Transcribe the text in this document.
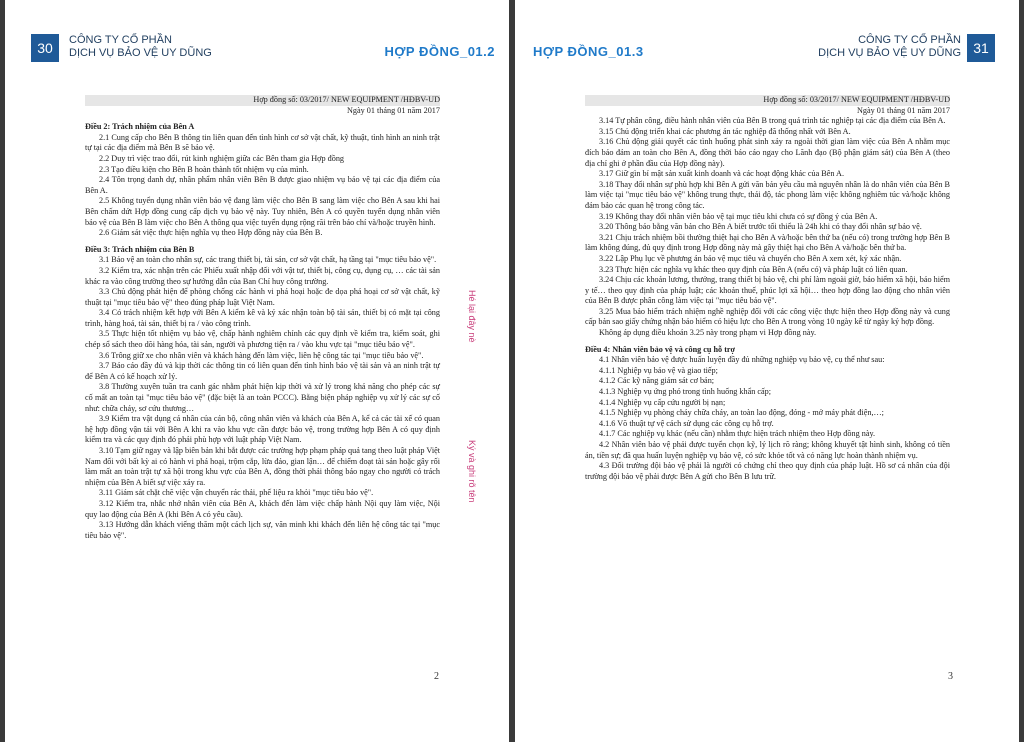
30	CÔNG TY CỔ PHẦN
DỊCH VỤ BẢO VỆ UY DŨNG	HỢP ĐỒNG_01.2
Hợp đồng số: 03/2017/ NEW EQUIPMENT /HĐBV-UD
Ngày 01 tháng 01 năm 2017
Điều 2: Trách nhiệm của Bên A

2.1 Cung cấp cho Bên B thông tin liên quan đến tình hình cơ sở vật chất, kỹ thuật, tình hình an ninh trật tự tại các địa điểm mà Bên B sẽ bảo vệ.

2.2 Duy trì việc trao đổi, rút kinh nghiệm giữa các Bên tham gia Hợp đồng

2.3 Tạo điều kiện cho Bên B hoàn thành tốt nhiệm vụ của mình.

2.4 Tôn trọng danh dự, nhân phẩm nhân viên Bên B được giao nhiệm vụ bảo vệ tại các địa điểm của Bên A.

2.5 Không tuyển dụng nhân viên bảo vệ đang làm việc cho Bên B sang làm việc cho Bên A sau khi hai Bên chấm dứt Hợp đồng cung cấp dịch vụ bảo vệ này. Tuy nhiên, Bên A có quyền tuyển dụng nhân viên bảo vệ của Bên B làm việc cho Bên A thông qua việc tuyển dụng rộng rãi trên báo chí và/hoặc truyền hình.

2.6 Giám sát việc thực hiện nghĩa vụ theo Hợp đồng này của Bên B.

Điều 3: Trách nhiệm của Bên B

3.1 Bảo vệ an toàn cho nhân sự, các trang thiết bị, tài sản, cơ sở vật chất, hạ tầng tại "mục tiêu bảo vệ".

3.2 Kiểm tra, xác nhận trên các Phiếu xuất nhập đối với vật tư, thiết bị, công cụ, dụng cụ, … các tài sản khác ra vào công trường theo sự hướng dẫn của Ban Chỉ huy công trường.

3.3 Chủ động phát hiện để phòng chống các hành vi phá hoại hoặc đe dọa phá hoại cơ sở vật chất, kỹ thuật tại "mục tiêu bảo vệ" theo đúng pháp luật Việt Nam.

3.4 Có trách nhiệm kết hợp với Bên A kiểm kê và ký xác nhận toàn bộ tài sản, thiết bị có mặt tại công trình, hàng hoá, tài sản, thiết bị ra / vào công trình.

3.5 Thực hiện tốt nhiệm vụ bảo vệ, chấp hành nghiêm chỉnh các quy định về kiểm tra, kiểm soát, ghi chép sổ sách theo dõi hàng hóa, tài sản, người và phương tiện ra / vào khu vực tại "mục tiêu bảo vệ".

3.6 Trông giữ xe cho nhân viên và khách hàng đến làm việc, liên hệ công tác tại "mục tiêu bảo vệ".

3.7 Báo cáo đầy đủ và kịp thời các thông tin có liên quan đến tình hình bảo vệ tài sản và an ninh trật tự để Bên A có kế hoạch xử lý.

3.8 Thường xuyên tuần tra canh gác nhằm phát hiện kịp thời và xử lý trong khả năng cho phép các sự cố mất an toàn tại "mục tiêu bảo vệ" (đặc biệt là an toàn PCCC). Bằng biện pháp nghiệp vụ xử lý các sự cố như: chữa cháy, sơ cứu thương…

3.9 Kiểm tra vật dụng cá nhân của cán bộ, công nhân viên và khách của Bên A, kể cả các tài xế có quan hệ hợp đồng vận tải với Bên A khi ra vào khu vực cần được bảo vệ, trong trường hợp Bên A có quy định kiểm tra và các quy định đó phải phù hợp với luật pháp Việt Nam.

3.10 Tạm giữ ngay và lập biên bản khi bắt được các trường hợp phạm pháp quả tang theo luật pháp Việt Nam đối với bất kỳ ai có hành vi phá hoại, trộm cắp, lừa đảo, gian lận… để chiếm đoạt tài sản hoặc gây rối làm mất an toàn trật tự xã hội trong khu vực của Bên A, đồng thời phải thông báo ngay cho người có trách nhiệm của Bên A biết sự việc xảy ra.

3.11 Giám sát chặt chẽ việc vận chuyển rác thải, phế liệu ra khỏi "mục tiêu bảo vệ".

3.12 Kiểm tra, nhắc nhở nhân viên của Bên A, khách đến làm việc chấp hành Nội quy làm việc, Nội quy lao động của Bên A (khi Bên A có yêu cầu).

3.13 Hướng dẫn khách viếng thăm một cách lịch sự, văn minh khi khách đến liên hệ công tác tại "mục tiêu bảo vệ".

Hé lại đây nè
Ký và ghi rõ tên
2
HỢP ĐỒNG_01.3
CÔNG TY CỔ PHẦN
DỊCH VỤ BẢO VỆ UY DŨNG 31
Hợp đồng số: 03/2017/ NEW EQUIPMENT /HĐBV-UD
Ngày 01 tháng 01 năm 2017

3.14 Tự phân công, điều hành nhân viên của Bên B trong quá trình tác nghiệp tại các địa điểm của Bên A.

3.15 Chủ động triển khai các phương án tác nghiệp đã thống nhất với Bên A.

3.16 Chủ động giải quyết các tình huống phát sinh xảy ra ngoài thời gian làm việc của Bên A nhằm mục đích bảo đảm an toàn cho Bên A, đồng thời báo cáo ngay cho Lãnh đạo (Bộ phận giám sát) của Bên A (theo địa chỉ ghi ở phần đầu của Hợp đồng này).

3.17 Giữ gìn bí mật sản xuất kinh doanh và các hoạt động khác của Bên A.

3.18 Thay đổi nhân sự phù hợp khi Bên A gửi văn bản yêu cầu mà nguyên nhân là do nhân viên của Bên B làm việc tại "mục tiêu bảo vệ" không trung thực, thái độ, tác phong làm việc không nghiêm túc và/hoặc không đảm bảo các quan hệ trong công tác.

3.19 Không thay đổi nhân viên bảo vệ tại mục tiêu khi chưa có sự đồng ý của Bên A.

3.20 Thông báo bằng văn bản cho Bên A biết trước tối thiểu là 24h khi có thay đổi nhân sự bảo vệ.

3.21 Chịu trách nhiệm bồi thường thiệt hại cho Bên A và/hoặc bên thứ ba (nếu có) trong trường hợp Bên B làm không đúng, đủ quy định trong Hợp đồng này mà gây thiệt hại cho Bên A và/hoặc bên thứ ba.

3.22 Lập Phụ lục về phương án bảo vệ mục tiêu và chuyển cho Bên A xem xét, ký xác nhận.

3.23 Thực hiện các nghĩa vụ khác theo quy định của Bên A (nếu có) và pháp luật có liên quan.

3.24 Chịu các khoản lương, thưởng, trang thiết bị bảo vệ, chi phí làm ngoài giờ, bảo hiểm xã hội, bảo hiểm y tế… theo quy định của pháp luật; các khoản thuế, phúc lợi xã hội… theo hợp đồng lao động cho nhân viên của Bên B được phân công làm việc tại "mục tiêu bảo vệ".

3.25 Mua bảo hiểm trách nhiệm nghề nghiệp đối với các công việc thực hiện theo Hợp đồng này và cung cấp bản sao giấy chứng nhận bảo hiểm có hiệu lực cho Bên A trong vòng 10 ngày kể từ ngày ký hợp đồng.

Không áp dụng điều khoản 3.25 này trong phạm vi Hợp đồng này.

Điều 4: Nhân viên bảo vệ và công cụ hỗ trợ

4.1 Nhân viên bảo vệ được huấn luyện đầy đủ những nghiệp vụ bảo vệ, cụ thể như sau:

4.1.1 Nghiệp vụ bảo vệ và giao tiếp;

4.1.2 Các kỹ năng giám sát cơ bản;

4.1.3 Nghiệp vụ ứng phó trong tình huống khẩn cấp;

4.1.4 Nghiệp vụ cấp cứu người bị nạn;

4.1.5 Nghiệp vụ phòng cháy chữa cháy, an toàn lao động, đóng - mở máy phát điện,…;

4.1.6 Võ thuật tự vệ cách sử dụng các công cụ hỗ trợ.

4.1.7 Các nghiệp vụ khác (nếu cần) nhằm thực hiện trách nhiệm theo Hợp đồng này.

4.2 Nhân viên bảo vệ phải được tuyển chọn kỹ, lý lịch rõ ràng; không khuyết tật hình sinh, không có tiền án, tiền sự; đã qua huấn luyện nghiệp vụ bảo vệ, có sức khỏe tốt và có năng lực hoàn thành nhiệm vụ.

4.3 Đối trường đội bảo vệ phải là người có chứng chỉ theo quy định của pháp luật. Hồ sơ cá nhân của đội trường đội bảo vệ phải được Bên A gửi cho Bên B lưu trữ.

3
